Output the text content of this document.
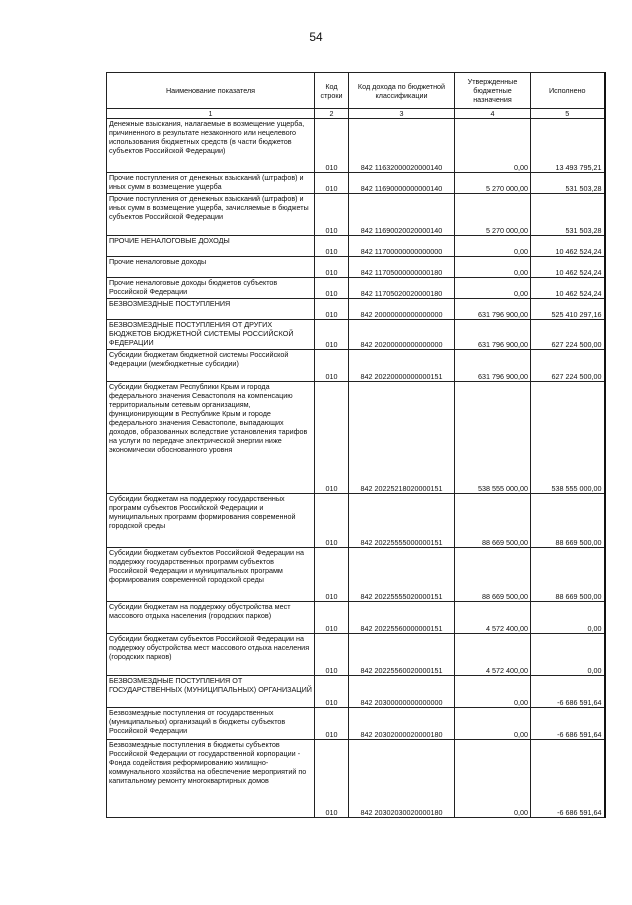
54
Наименование показателя	Код строки	Код дохода по бюджетной классификации	Утвержденные бюджетные назначения	Исполнено
1	2	3	4	5
Денежные взыскания, налагаемые в возмещение ущерба, причиненного в результате незаконного или нецелевого использования бюджетных средств (в части бюджетов субъектов Российской Федерации)	010	842 11632000020000140	0,00	13 493 795,21
Прочие поступления от денежных взысканий (штрафов) и иных сумм в возмещение ущерба	010	842 11690000000000140	5 270 000,00	531 503,28
Прочие поступления от денежных взысканий (штрафов) и иных сумм в возмещение ущерба, зачисляемые в бюджеты субъектов Российской Федерации	010	842 11690020020000140	5 270 000,00	531 503,28
ПРОЧИЕ НЕНАЛОГОВЫЕ ДОХОДЫ	010	842 11700000000000000	0,00	10 462 524,24
Прочие неналоговые доходы	010	842 11705000000000180	0,00	10 462 524,24
Прочие неналоговые доходы бюджетов субъектов Российской Федерации	010	842 11705020020000180	0,00	10 462 524,24
БЕЗВОЗМЕЗДНЫЕ ПОСТУПЛЕНИЯ	010	842 20000000000000000	631 796 900,00	525 410 297,16
БЕЗВОЗМЕЗДНЫЕ ПОСТУПЛЕНИЯ ОТ ДРУГИХ БЮДЖЕТОВ БЮДЖЕТНОЙ СИСТЕМЫ РОССИЙСКОЙ ФЕДЕРАЦИИ	010	842 20200000000000000	631 796 900,00	627 224 500,00
Субсидии бюджетам бюджетной системы Российской Федерации (межбюджетные субсидии)	010	842 20220000000000151	631 796 900,00	627 224 500,00
Субсидии бюджетам Республики Крым и города федерального значения Севастополя на компенсацию территориальным сетевым организациям, функционирующим в Республике Крым и городе федерального значения Севастополе, выпадающих доходов, образованных вследствие установления тарифов на услуги по передаче электрической энергии ниже экономически обоснованного уровня	010	842 20225218020000151	538 555 000,00	538 555 000,00
Субсидии бюджетам на поддержку государственных программ субъектов Российской Федерации и муниципальных программ формирования современной городской среды	010	842 20225555000000151	88 669 500,00	88 669 500,00
Субсидии бюджетам субъектов Российской Федерации на поддержку государственных программ субъектов Российской Федерации и муниципальных программ формирования современной городской среды	010	842 20225555020000151	88 669 500,00	88 669 500,00
Субсидии бюджетам на поддержку обустройства мест массового отдыха населения (городских парков)	010	842 20225560000000151	4 572 400,00	0,00
Субсидии бюджетам субъектов Российской Федерации на поддержку обустройства мест массового отдыха населения (городских парков)	010	842 20225560020000151	4 572 400,00	0,00
БЕЗВОЗМЕЗДНЫЕ ПОСТУПЛЕНИЯ ОТ ГОСУДАРСТВЕННЫХ (МУНИЦИПАЛЬНЫХ) ОРГАНИЗАЦИЙ	010	842 20300000000000000	0,00	-6 686 591,64
Безвозмездные поступления от государственных (муниципальных) организаций в бюджеты субъектов Российской Федерации	010	842 20302000020000180	0,00	-6 686 591,64
Безвозмездные поступления в бюджеты субъектов Российской Федерации от государственной корпорации - Фонда содействия реформированию жилищно-коммунального хозяйства на обеспечение мероприятий по капитальному ремонту многоквартирных домов	010	842 20302030020000180	0,00	-6 686 591,64
